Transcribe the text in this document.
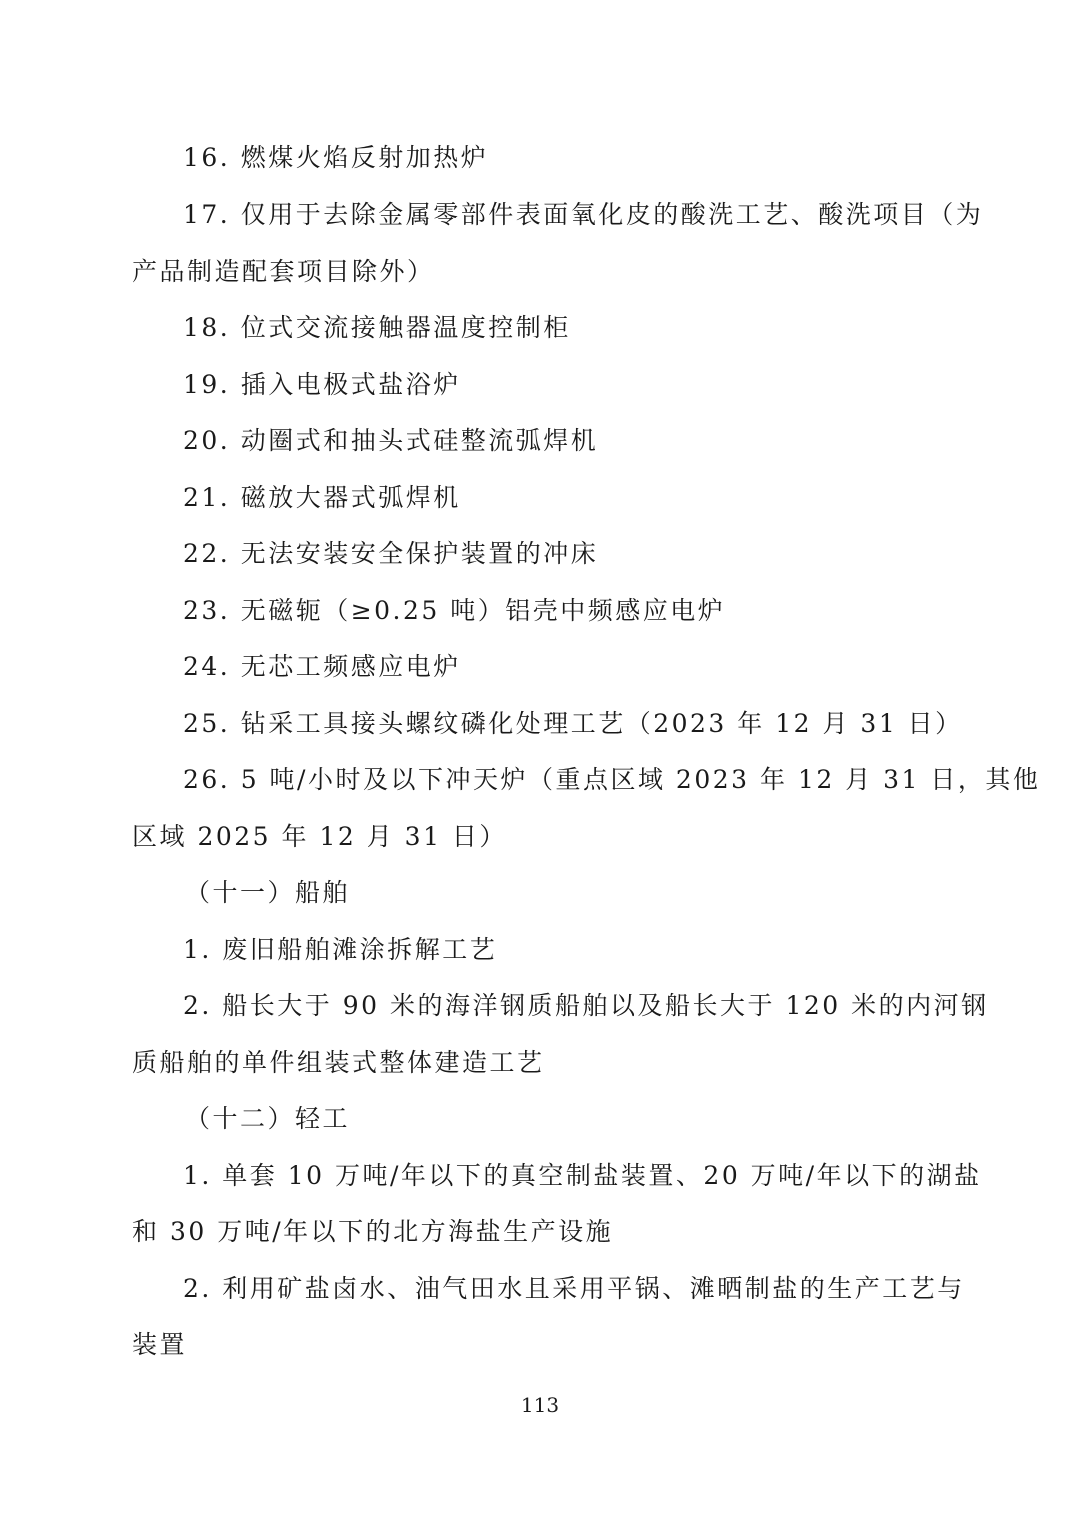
16. 燃煤火焰反射加热炉
17. 仅用于去除金属零部件表面氧化皮的酸洗工艺、酸洗项目（为
产品制造配套项目除外）
18. 位式交流接触器温度控制柜
19. 插入电极式盐浴炉
20. 动圈式和抽头式硅整流弧焊机
21. 磁放大器式弧焊机
22. 无法安装安全保护装置的冲床
23. 无磁轭（≥0.25 吨）铝壳中频感应电炉
24. 无芯工频感应电炉
25. 钻采工具接头螺纹磷化处理工艺（2023 年 12 月 31 日）
26. 5 吨/小时及以下冲天炉（重点区域 2023 年 12 月 31 日，其他
区域 2025 年 12 月 31 日）
（十一）船舶
1. 废旧船舶滩涂拆解工艺
2. 船长大于 90 米的海洋钢质船舶以及船长大于 120 米的内河钢
质船舶的单件组装式整体建造工艺
（十二）轻工
1. 单套 10 万吨/年以下的真空制盐装置、20 万吨/年以下的湖盐
和 30 万吨/年以下的北方海盐生产设施
2. 利用矿盐卤水、油气田水且采用平锅、滩晒制盐的生产工艺与
装置
113
